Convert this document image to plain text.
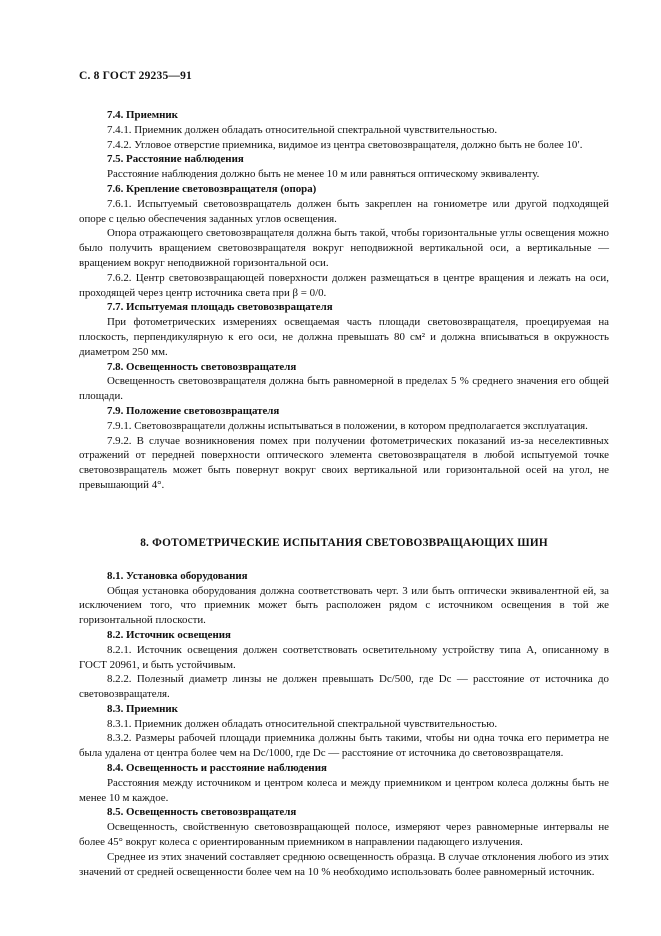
С. 8 ГОСТ 29235—91

7.4. Приемник

7.4.1. Приемник должен обладать относительной спектральной чувствительностью.

7.4.2. Угловое отверстие приемника, видимое из центра световозвращателя, должно быть не более 10′.

7.5. Расстояние наблюдения

Расстояние наблюдения должно быть не менее 10 м или равняться оптическому эквиваленту.

7.6. Крепление световозвращателя (опора)

7.6.1. Испытуемый световозвращатель должен быть закреплен на гониометре или другой подходящей опоре с целью обеспечения заданных углов освещения.

Опора отражающего световозвращателя должна быть такой, чтобы горизонтальные углы освещения можно было получить вращением световозвращателя вокруг неподвижной вертикальной оси, а вертикальные — вращением вокруг неподвижной горизонтальной оси.

7.6.2. Центр световозвращающей поверхности должен размещаться в центре вращения и лежать на оси, проходящей через центр источника света при β = 0/0.

7.7. Испытуемая площадь световозвращателя

При фотометрических измерениях освещаемая часть площади световозвращателя, проецируемая на плоскость, перпендикулярную к его оси, не должна превышать 80 см² и должна вписываться в окружность диаметром 250 мм.

7.8. Освещенность световозвращателя

Освещенность световозвращателя должна быть равномерной в пределах 5 % среднего значения его общей площади.

7.9. Положение световозвращателя

7.9.1. Световозвращатели должны испытываться в положении, в котором предполагается эксплуатация.

7.9.2. В случае возникновения помех при получении фотометрических показаний из-за неселективных отражений от передней поверхности оптического элемента световозвращателя в любой испытуемой точке световозвращатель может быть повернут вокруг своих вертикальной или горизонтальной осей на угол, не превышающий 4°.

8. ФОТОМЕТРИЧЕСКИЕ ИСПЫТАНИЯ СВЕТОВОЗВРАЩАЮЩИХ ШИН

8.1. Установка оборудования

Общая установка оборудования должна соответствовать черт. 3 или быть оптически эквивалентной ей, за исключением того, что приемник может быть расположен рядом с источником освещения в той же горизонтальной плоскости.

8.2. Источник освещения

8.2.1. Источник освещения должен соответствовать осветительному устройству типа А, описанному в ГОСТ 20961, и быть устойчивым.

8.2.2. Полезный диаметр линзы не должен превышать Dc/500, где Dc — расстояние от источника до световозвращателя.

8.3. Приемник

8.3.1. Приемник должен обладать относительной спектральной чувствительностью.

8.3.2. Размеры рабочей площади приемника должны быть такими, чтобы ни одна точка его периметра не была удалена от центра более чем на Dc/1000, где Dc — расстояние от источника до световозвращателя.

8.4. Освещенность и расстояние наблюдения

Расстояния между источником и центром колеса и между приемником и центром колеса должны быть не менее 10 м каждое.

8.5. Освещенность световозвращателя

Освещенность, свойственную световозвращающей полосе, измеряют через равномерные интервалы не более 45° вокруг колеса с ориентированным приемником в направлении падающего излучения.

Среднее из этих значений составляет среднюю освещенность образца. В случае отклонения любого из этих значений от средней освещенности более чем на 10 % необходимо использовать более равномерный источник.
